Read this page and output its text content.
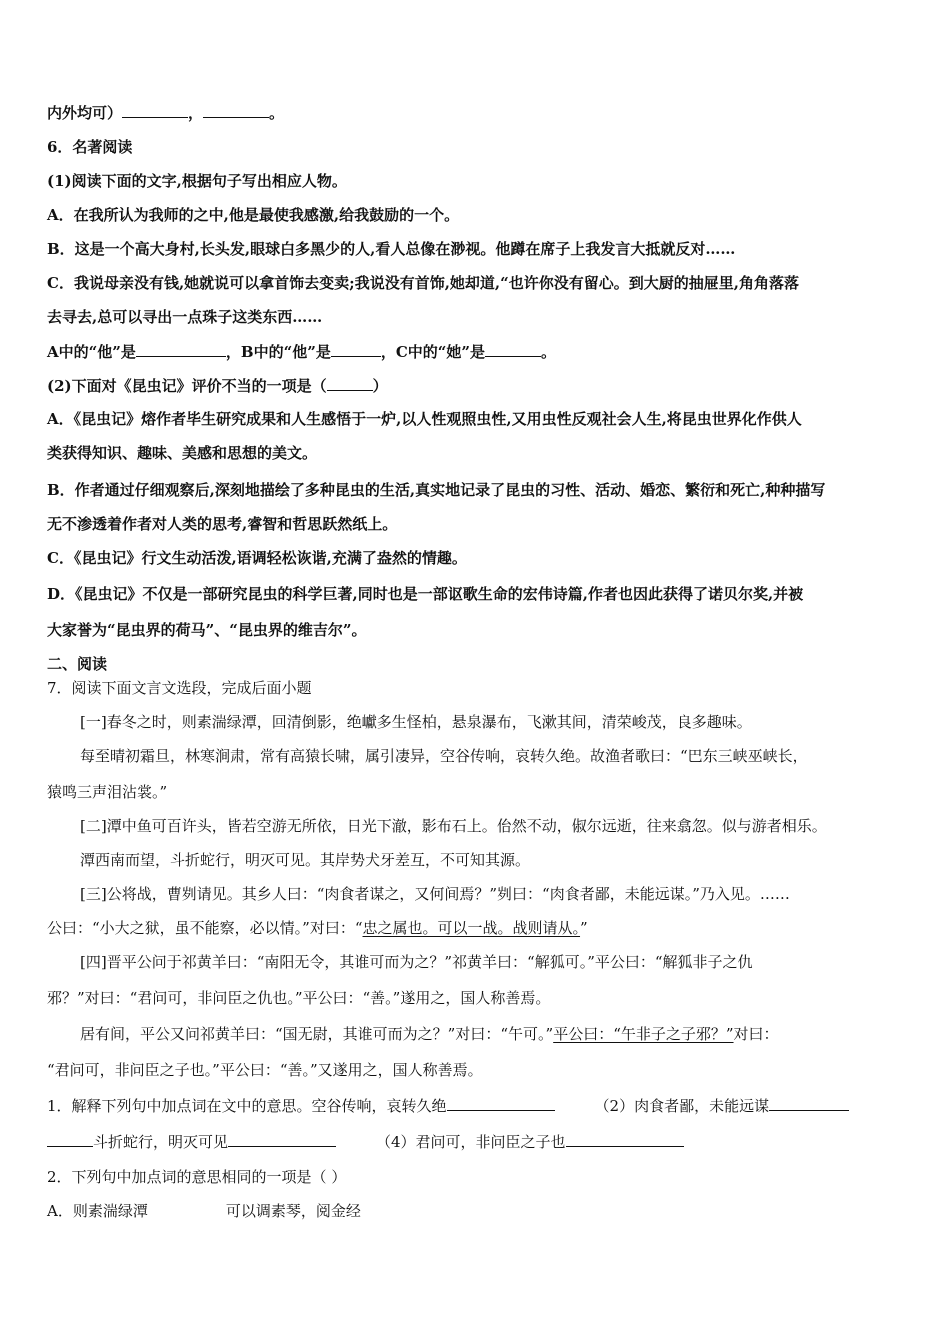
内外均可）	，	。
6．名著阅读
(1)阅读下面的文字,根据句子写出相应人物。
A．在我所认为我师的之中,他是最使我感激,给我鼓励的一个。
B．这是一个高大身村,长头发,眼球白多黑少的人,看人总像在渺视。他蹲在席子上我发言大抵就反对……
C．我说母亲没有钱,她就说可以拿首饰去变卖;我说没有首饰,她却道,“也许你没有留心。到大厨的抽屉里,角角落落
去寻去,总可以寻出一点珠子这类东西……
A中的“他”是	，B中的“他”是	，C中的“她”是	。
(2)下面对《昆虫记》评价不当的一项是（	）
A．《昆虫记》熔作者毕生研究成果和人生感悟于一炉,以人性观照虫性,又用虫性反观社会人生,将昆虫世界化作供人
类获得知识、趣味、美感和思想的美文。
B．作者通过仔细观察后,深刻地描绘了多种昆虫的生活,真实地记录了昆虫的习性、活动、婚恋、繁衍和死亡,种种描写
无不渗透着作者对人类的思考,睿智和哲思跃然纸上。
C．《昆虫记》行文生动活泼,语调轻松诙谐,充满了盎然的情趣。
D．《昆虫记》不仅是一部研究昆虫的科学巨著,同时也是一部讴歌生命的宏伟诗篇,作者也因此获得了诺贝尔奖,并被
大家誉为“昆虫界的荷马”、“昆虫界的维吉尔”。
二、阅读
7．阅读下面文言文选段，完成后面小题
[一]春冬之时，则素湍绿潭，回清倒影，绝巘多生怪柏，悬泉瀑布，飞漱其间，清荣峻茂，良多趣味。
每至晴初霜旦，林寒涧肃，常有高猿长啸，属引凄异，空谷传响，哀转久绝。故渔者歌曰：“巴东三峡巫峡长，
猿鸣三声泪沾裳。”
[二]潭中鱼可百许头，皆若空游无所依，日光下澈，影布石上。佁然不动，俶尔远逝，往来翕忽。似与游者相乐。
潭西南而望，斗折蛇行，明灭可见。其岸势犬牙差互，不可知其源。
[三]公将战，曹刿请见。其乡人曰：“肉食者谋之，又何间焉？”刿曰：“肉食者鄙，未能远谋。”乃入见。……
公曰：“小大之狱，虽不能察，必以情。”对曰：“忠之属也。可以一战。战则请从。”
[四]晋平公问于祁黄羊曰：“南阳无令，其谁可而为之？”祁黄羊曰：“解狐可。”平公曰：“解狐非子之仇
邪？”对曰：“君问可，非问臣之仇也。”平公曰：“善。”遂用之，国人称善焉。
居有间，平公又问祁黄羊曰：“国无尉，其谁可而为之？”对曰：“午可。”平公曰：“午非子之子邪？”对曰：
“君问可，非问臣之子也。”平公曰：“善。”又遂用之，国人称善焉。
1．解释下列句中加点词在文中的意思。空谷传响，哀转久绝	（2）肉食者鄙，未能远谋
斗折蛇行，明灭可见	（4）君问可，非问臣之子也
2．下列句中加点词的意思相同的一项是（ ）
A．则素湍绿潭	可以调素琴，阅金经
